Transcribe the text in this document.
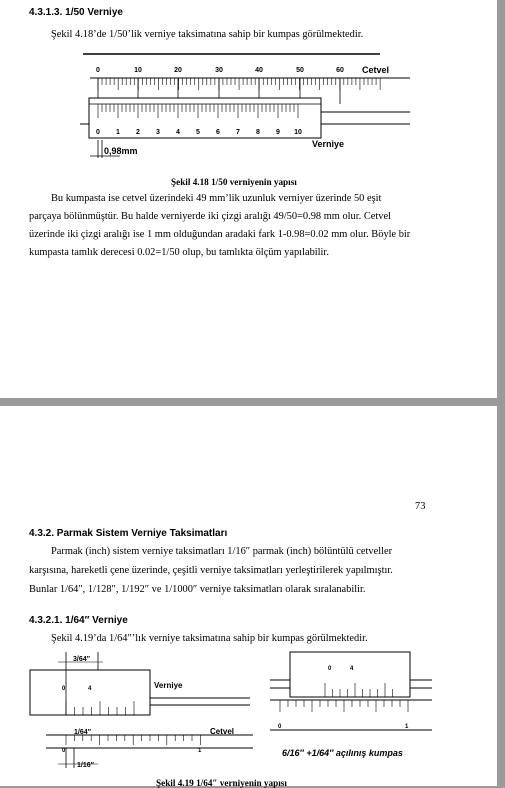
4.3.1.3. 1/50 Verniye
Şekil 4.18’de 1/50’lik verniye taksimatına sahip bir kumpas görülmektedir.
0	10	20	30	40	50	60 Cetvel
0 1 2 3 4 5 6 7 8 9 10
Verniye
0,98mm
Şekil 4.18 1/50 verniyenin yapısı
Bu kumpasta ise cetvel üzerindeki 49 mm’lik uzunluk verniyer üzerinde 50 eşit
parçaya bölünmüştür. Bu halde verniyerde iki çizgi aralığı 49/50=0.98 mm olur. Cetvel
üzerinde iki çizgi aralığı ise 1 mm olduğundan aradaki fark 1-0.98=0.02 mm olur. Böyle bir
kumpasta tamlık derecesi 0.02=1/50 olup, bu tamlıkta ölçüm yapılabilir.
73
4.3.2. Parmak Sistem Verniye Taksimatları
Parmak (inch) sistem verniye taksimatları 1/16″ parmak (inch) bölüntülü cetveller
karşısına, hareketli çene üzerinde, çeşitli verniye taksimatları yerleştirilerek yapılmıştır.
Bunlar 1/64″, 1/128″, 1/192″ ve 1/1000″ verniye taksimatları olarak sıralanabilir.
4.3.2.1. 1/64″ Verniye
Şekil 4.19’da 1/64″’lık verniye taksimatına sahip bir kumpas görülmektedir.
3/64″
0	4	Verniye
1/64″	Cetvel
0	1
1/16″
0	4
0	1
6/16″ +1/64″ açılınış kumpas
Şekil 4.19 1/64″ verniyenin yapısı
